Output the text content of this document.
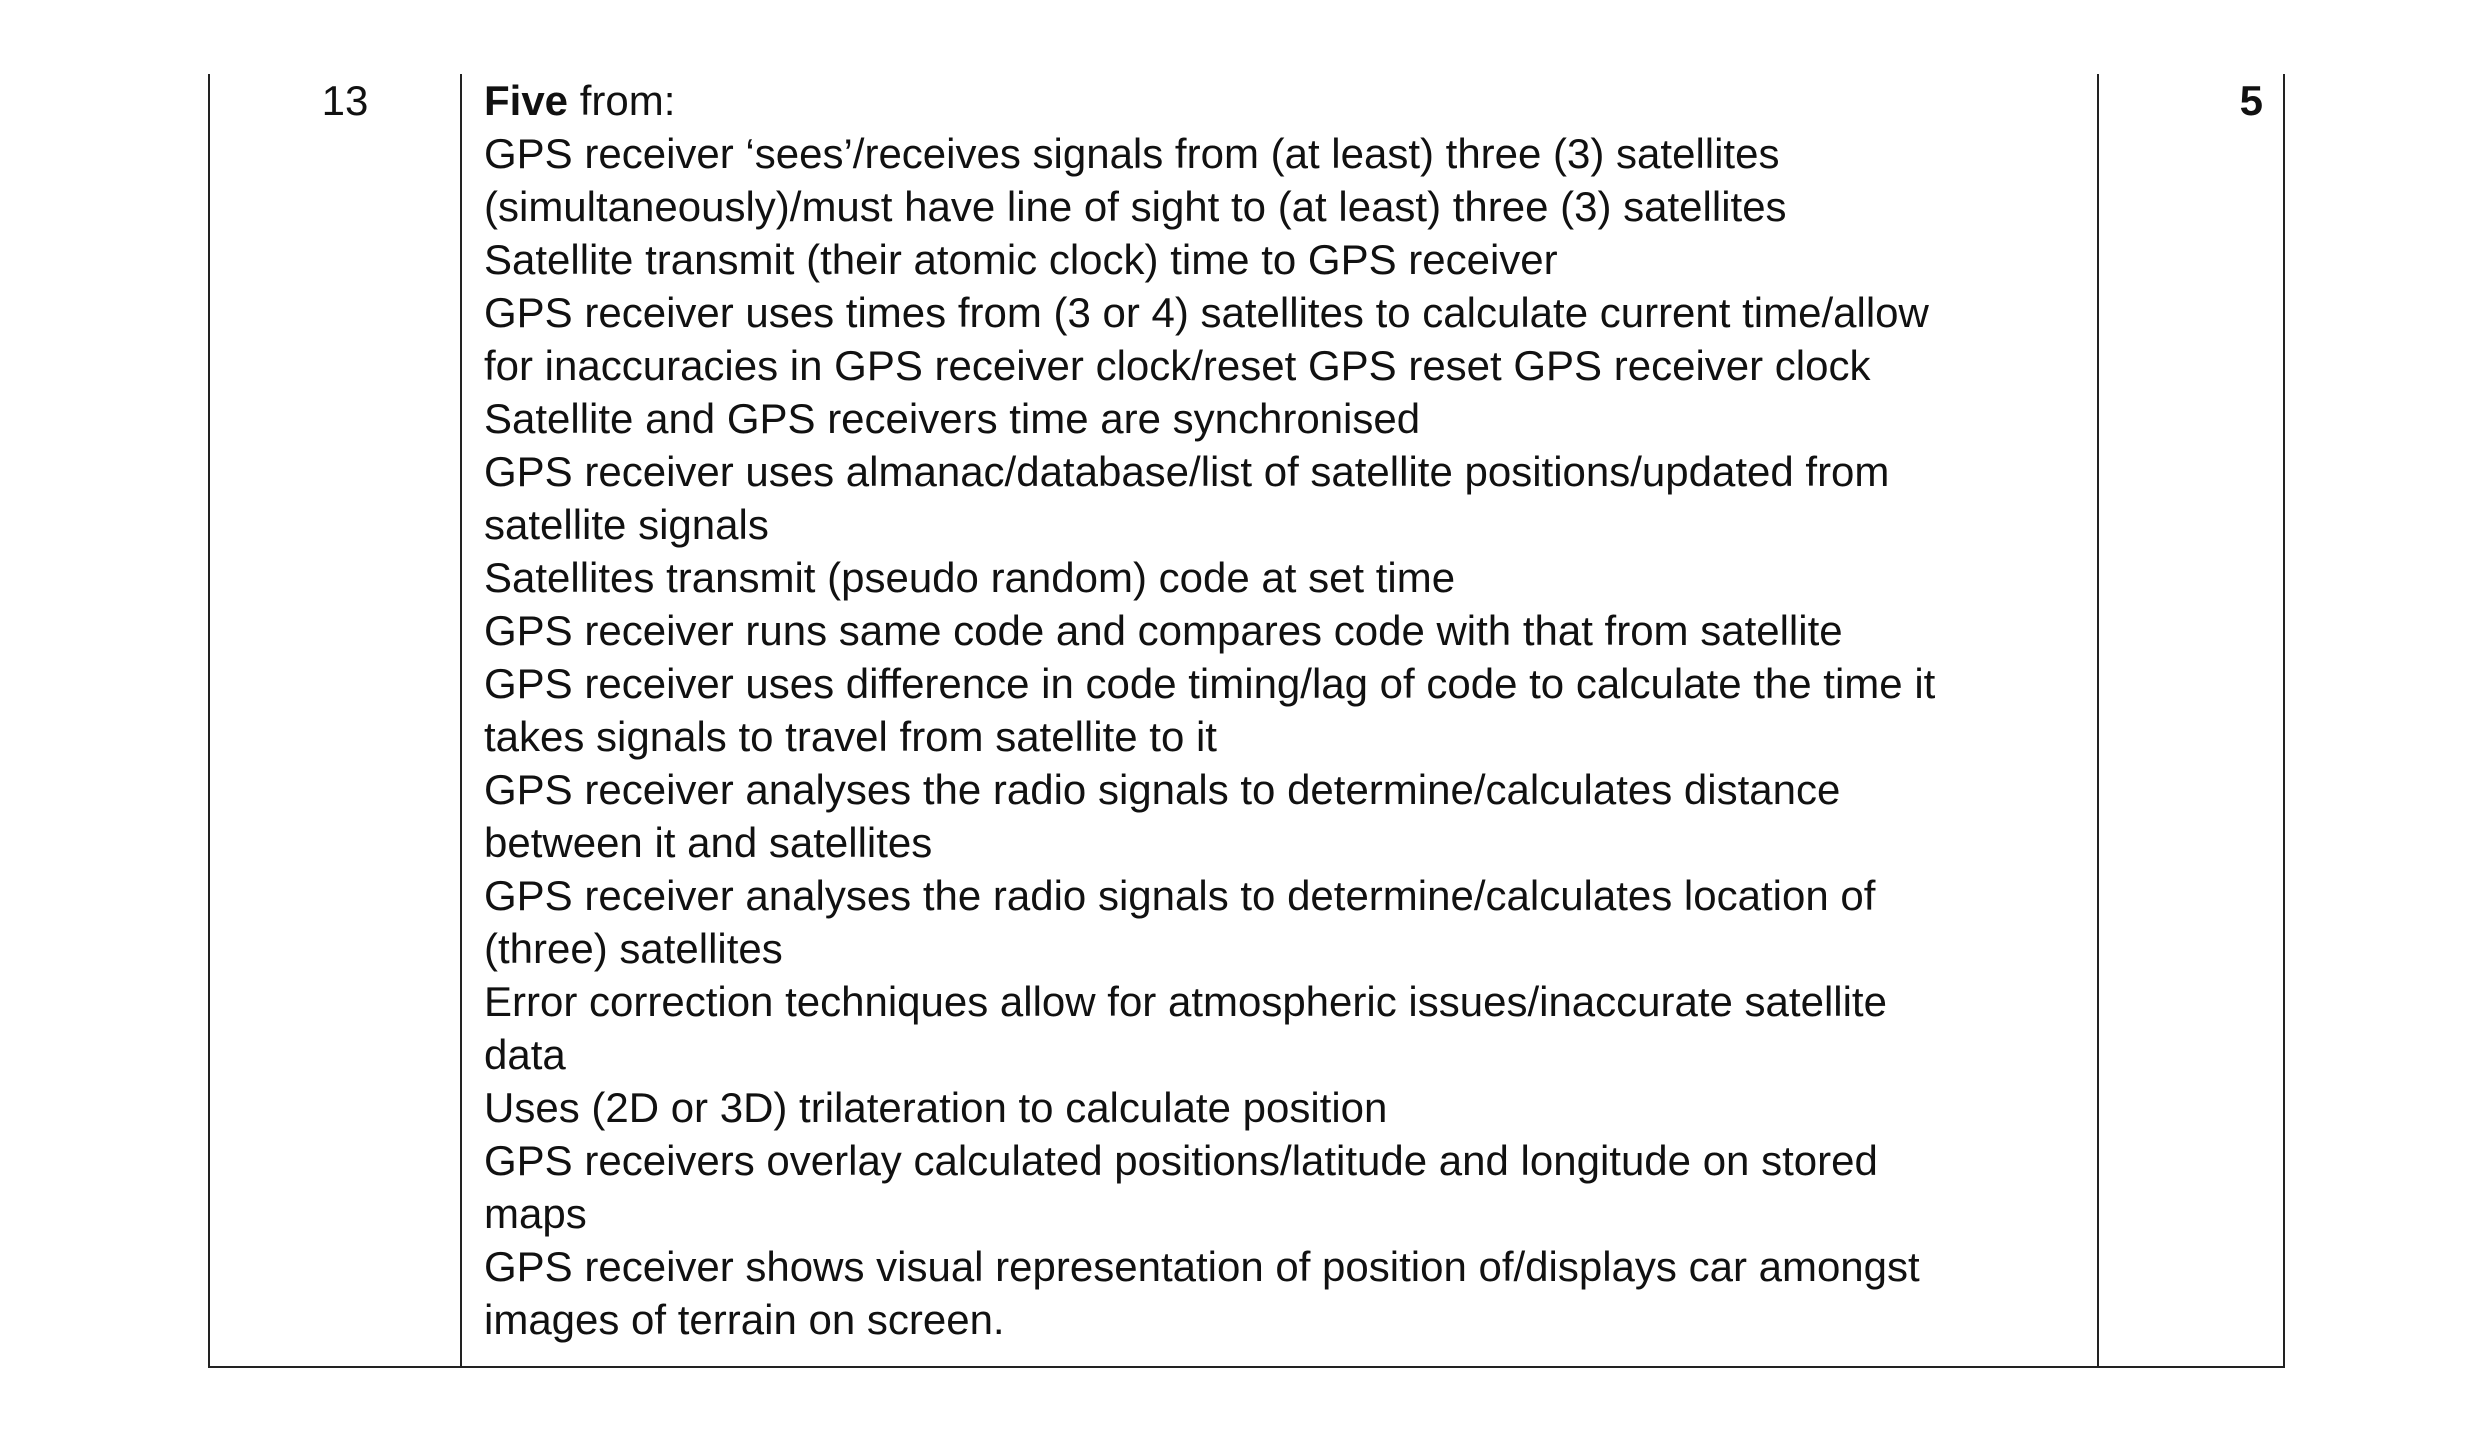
13	Five from:
GPS receiver ‘sees’/receives signals from (at least) three (3) satellites
(simultaneously)/must have line of sight to (at least) three (3) satellites
Satellite transmit (their atomic clock) time to GPS receiver
GPS receiver uses times from (3 or 4) satellites to calculate current time/allow
for inaccuracies in GPS receiver clock/reset GPS reset GPS receiver clock
Satellite and GPS receivers time are synchronised
GPS receiver uses almanac/database/list of satellite positions/updated from
satellite signals
Satellites transmit (pseudo random) code at set time
GPS receiver runs same code and compares code with that from satellite
GPS receiver uses difference in code timing/lag of code to calculate the time it
takes signals to travel from satellite to it
GPS receiver analyses the radio signals to determine/calculates distance
between it and satellites
GPS receiver analyses the radio signals to determine/calculates location of
(three) satellites
Error correction techniques allow for atmospheric issues/inaccurate satellite
data
Uses (2D or 3D) trilateration to calculate position
GPS receivers overlay calculated positions/latitude and longitude on stored
maps
GPS receiver shows visual representation of position of/displays car amongst
images of terrain on screen.
5
